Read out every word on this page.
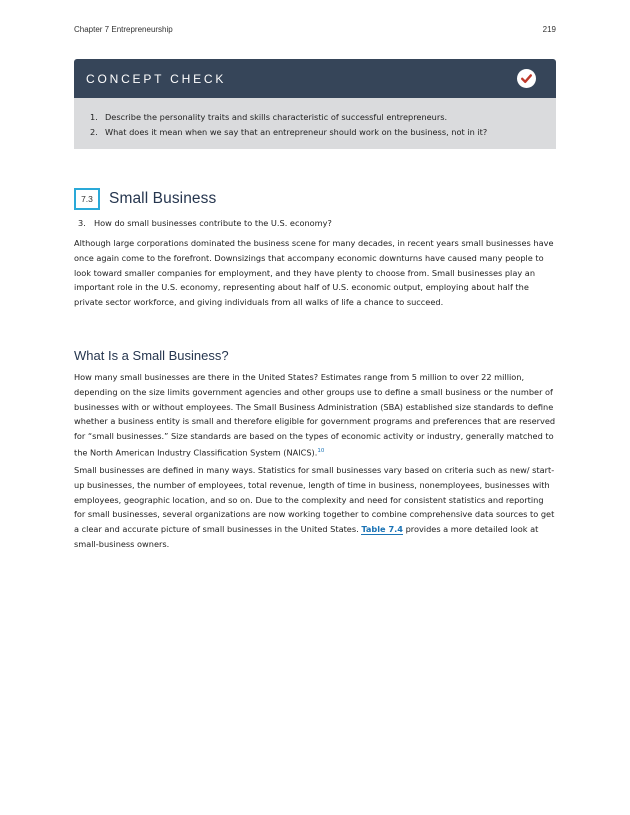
Chapter 7 Entrepreneurship	219
CONCEPT CHECK
1. Describe the personality traits and skills characteristic of successful entrepreneurs.
2. What does it mean when we say that an entrepreneur should work on the business, not in it?
7.3	Small Business
3. How do small businesses contribute to the U.S. economy?

Although large corporations dominated the business scene for many decades, in recent years small businesses have once again come to the forefront. Downsizings that accompany economic downturns have caused many people to look toward smaller companies for employment, and they have plenty to choose from. Small businesses play an important role in the U.S. economy, representing about half of U.S. economic output, employing about half the private sector workforce, and giving individuals from all walks of life a chance to succeed.

What Is a Small Business?

How many small businesses are there in the United States? Estimates range from 5 million to over 22 million, depending on the size limits government agencies and other groups use to define a small business or the number of businesses with or without employees. The Small Business Administration (SBA) established size standards to define whether a business entity is small and therefore eligible for government programs and preferences that are reserved for “small businesses.” Size standards are based on the types of economic activity or industry, generally matched to the North American Industry Classification System (NAICS).$^{10}$

Small businesses are defined in many ways. Statistics for small businesses vary based on criteria such as new/ start-up businesses, the number of employees, total revenue, length of time in business, nonemployees, businesses with employees, geographic location, and so on. Due to the complexity and need for consistent statistics and reporting for small businesses, several organizations are now working together to combine comprehensive data sources to get a clear and accurate picture of small businesses in the United States. Table 7.4 provides a more detailed look at small-business owners.
